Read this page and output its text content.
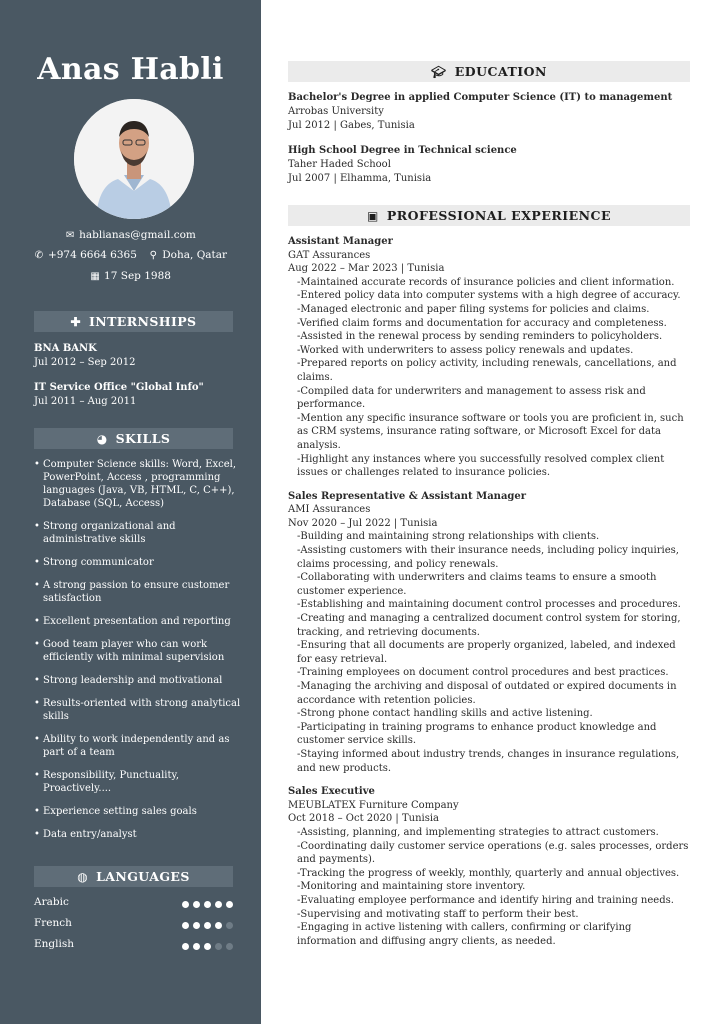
Anas Habli
✉ hablianas@gmail.com
✆ +974 6664 6365 ⚲ Doha, Qatar
▦ 17 Sep 1988
✚ INTERNSHIPS
BNA BANK
Jul 2012 – Sep 2012
IT Service Office "Global Info"
Jul 2011 – Aug 2011
◕ SKILLS
• Computer Science skills: Word, Excel, PowerPoint, Access , programming languages (Java, VB, HTML, C, C++), Database (SQL, Access)
• Strong organizational and administrative skills
• Strong communicator
• A strong passion to ensure customer satisfaction
• Excellent presentation and reporting
• Good team player who can work efficiently with minimal supervision
• Strong leadership and motivational
• Results-oriented with strong analytical skills
• Ability to work independently and as part of a team
• Responsibility, Punctuality, Proactively....
• Experience setting sales goals
• Data entry/analyst
◍ LANGUAGES
Arabic
French
English
🎓︎ EDUCATION
Bachelor's Degree in applied Computer Science (IT) to management
Arrobas University
Jul 2012 | Gabes, Tunisia
High School Degree in Technical science
Taher Haded School
Jul 2007 | Elhamma, Tunisia
▣ PROFESSIONAL EXPERIENCE
Assistant Manager
GAT Assurances
Aug 2022 – Mar 2023 | Tunisia
- Maintained accurate records of insurance policies and client information.
- Entered policy data into computer systems with a high degree of accuracy.
- Managed electronic and paper filing systems for policies and claims.
- Verified claim forms and documentation for accuracy and completeness.
- Assisted in the renewal process by sending reminders to policyholders.
- Worked with underwriters to assess policy renewals and updates.
- Prepared reports on policy activity, including renewals, cancellations, and claims.
- Compiled data for underwriters and management to assess risk and performance.
- Mention any specific insurance software or tools you are proficient in, such as CRM systems, insurance rating software, or Microsoft Excel for data analysis.
- Highlight any instances where you successfully resolved complex client issues or challenges related to insurance policies.
Sales Representative & Assistant Manager
AMI Assurances
Nov 2020 – Jul 2022 | Tunisia
- Building and maintaining strong relationships with clients.
- Assisting customers with their insurance needs, including policy inquiries, claims processing, and policy renewals.
- Collaborating with underwriters and claims teams to ensure a smooth customer experience.
- Establishing and maintaining document control processes and procedures.
- Creating and managing a centralized document control system for storing, tracking, and retrieving documents.
- Ensuring that all documents are properly organized, labeled, and indexed for easy retrieval.
- Training employees on document control procedures and best practices.
- Managing the archiving and disposal of outdated or expired documents in accordance with retention policies.
- Strong phone contact handling skills and active listening.
- Participating in training programs to enhance product knowledge and customer service skills.
- Staying informed about industry trends, changes in insurance regulations, and new products.
Sales Executive
MEUBLATEX Furniture Company
Oct 2018 – Oct 2020 | Tunisia
- Assisting, planning, and implementing strategies to attract customers.
- Coordinating daily customer service operations (e.g. sales processes, orders and payments).
- Tracking the progress of weekly, monthly, quarterly and annual objectives.
- Monitoring and maintaining store inventory.
- Evaluating employee performance and identify hiring and training needs.
- Supervising and motivating staff to perform their best.
- Engaging in active listening with callers, confirming or clarifying information and diffusing angry clients, as needed.
